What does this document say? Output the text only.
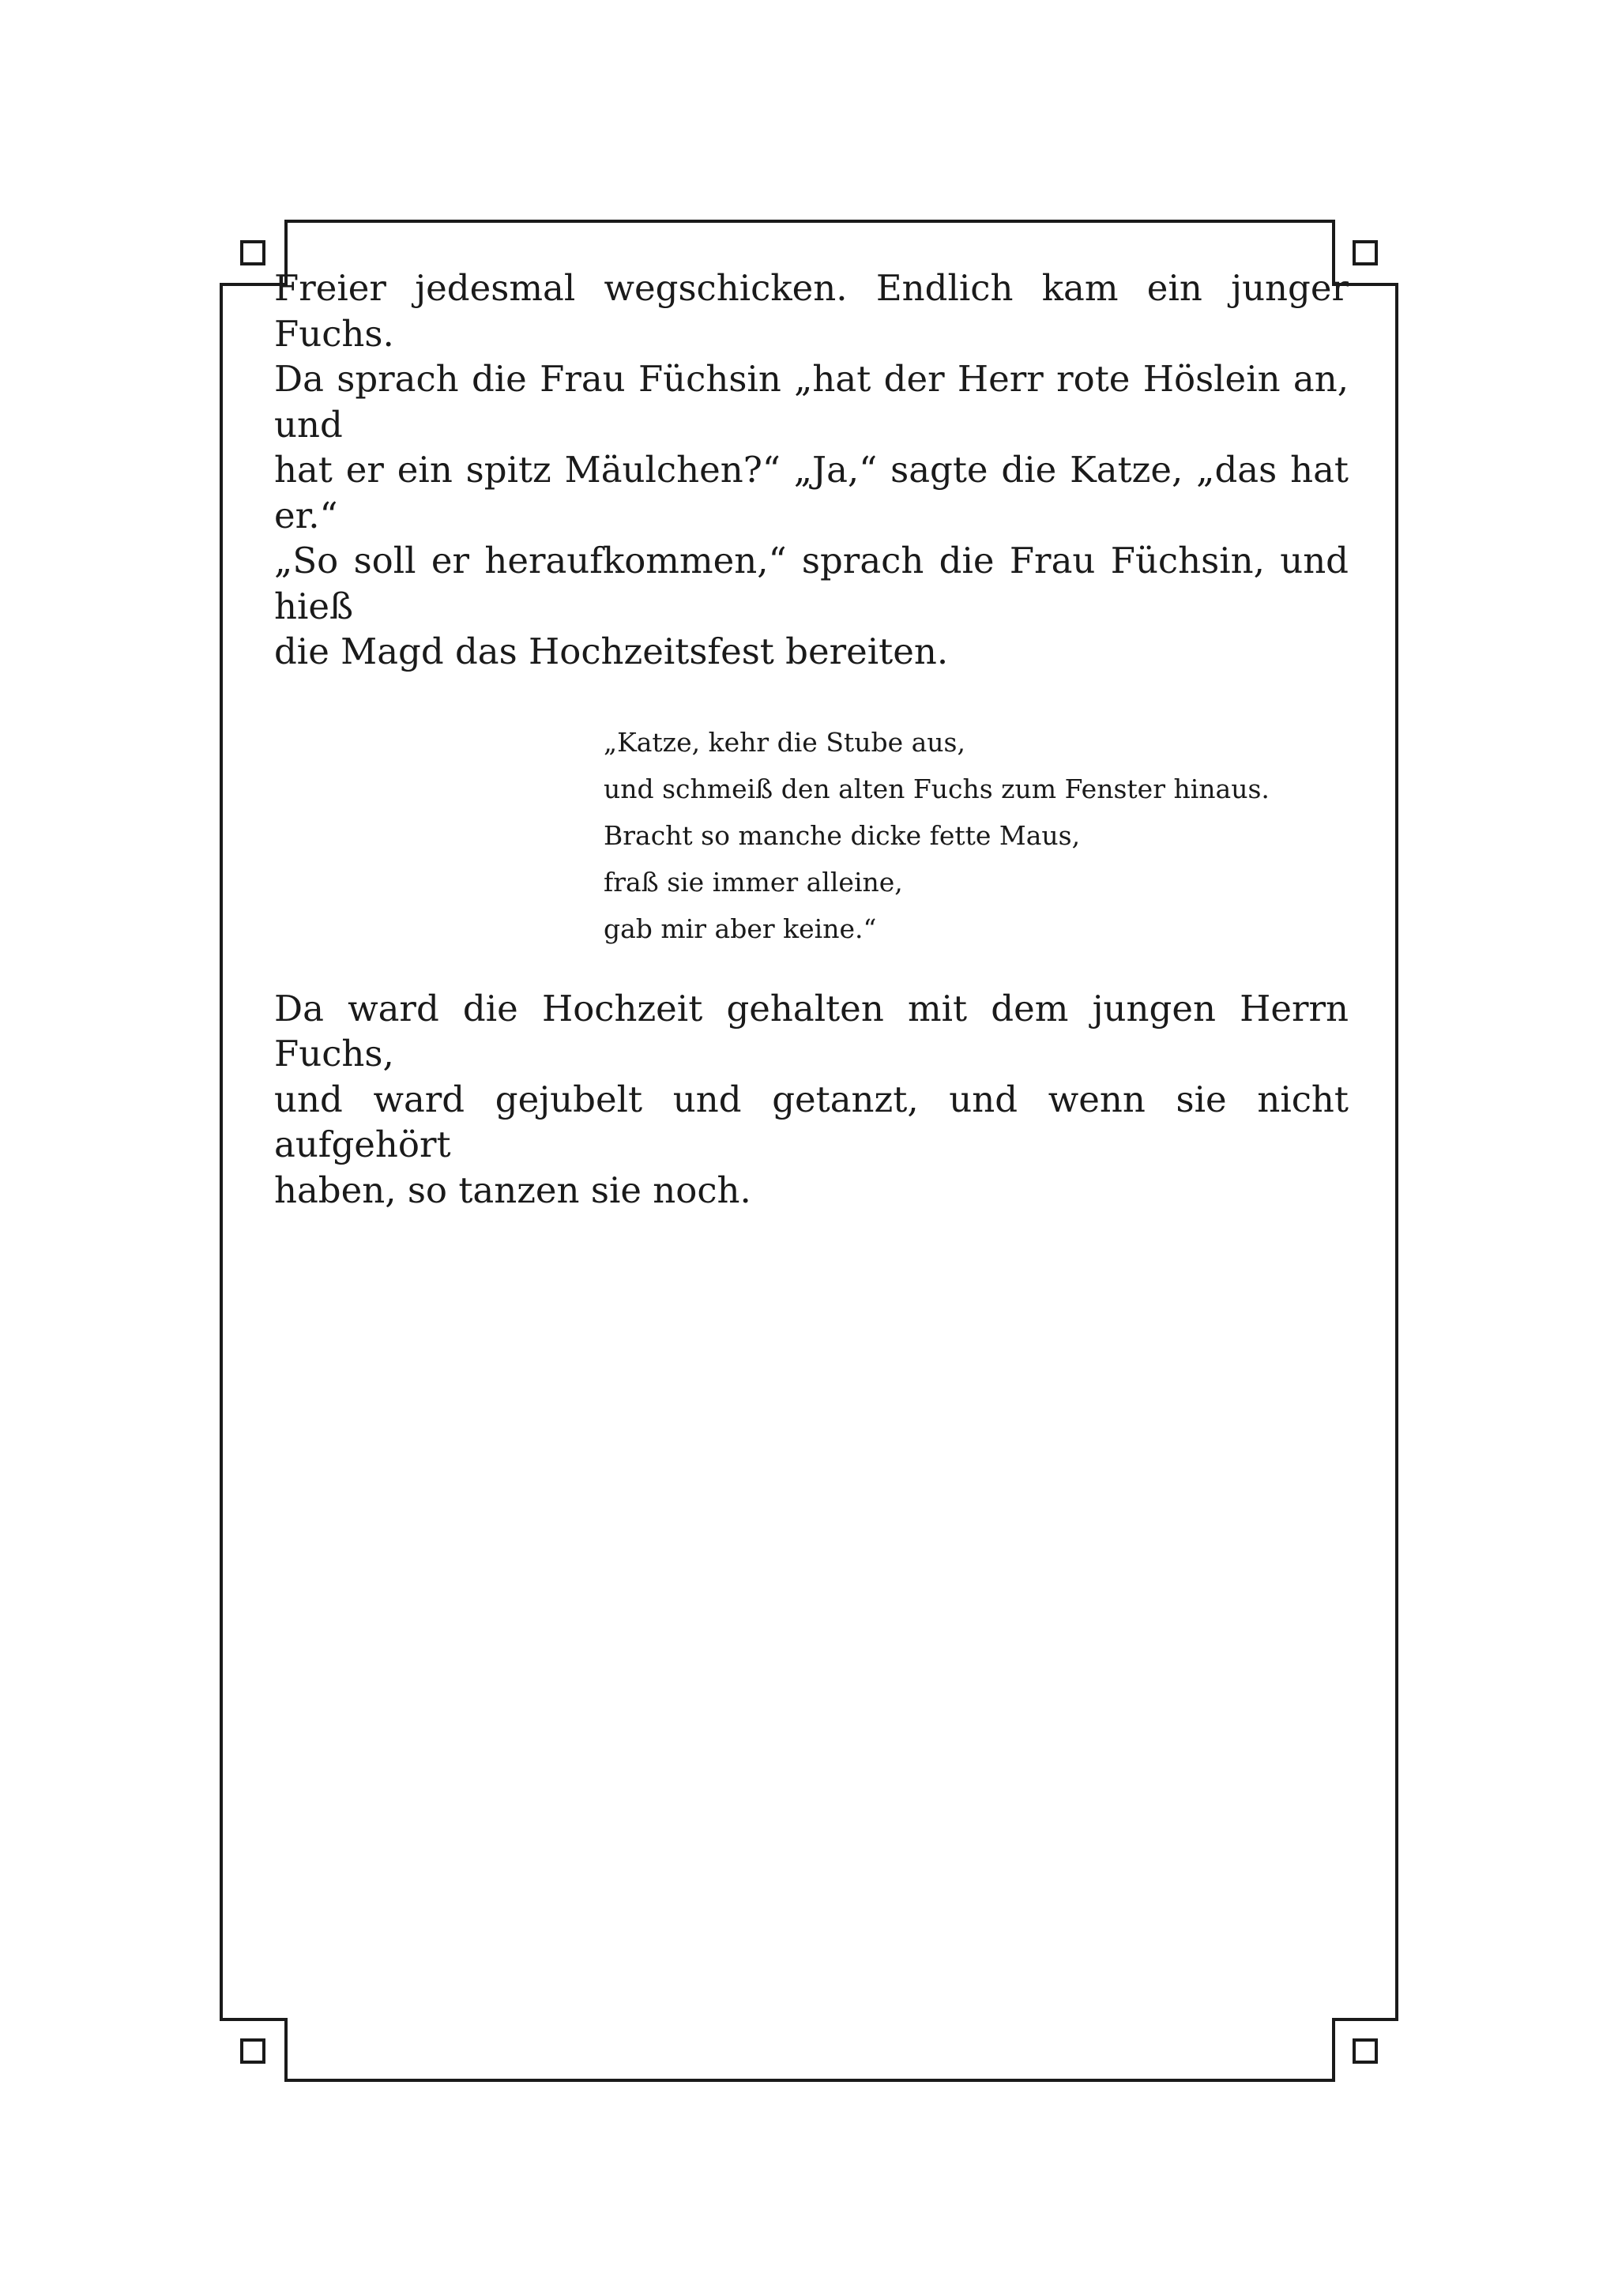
Freier jedesmal wegschicken. Endlich kam ein junger Fuchs.
Da sprach die Frau Füchsin „hat der Herr rote Höslein an, und
hat er ein spitz Mäulchen?“ „Ja,“ sagte die Katze, „das hat er.“
„So soll er heraufkommen,“ sprach die Frau Füchsin, und hieß
die Magd das Hochzeitsfest bereiten.

„Katze, kehr die Stube aus,
und schmeiß den alten Fuchs zum Fenster hinaus.
Bracht so manche dicke fette Maus,
fraß sie immer alleine,
gab mir aber keine.“

Da ward die Hochzeit gehalten mit dem jungen Herrn Fuchs,
und ward gejubelt und getanzt, und wenn sie nicht aufgehört
haben, so tanzen sie noch.
